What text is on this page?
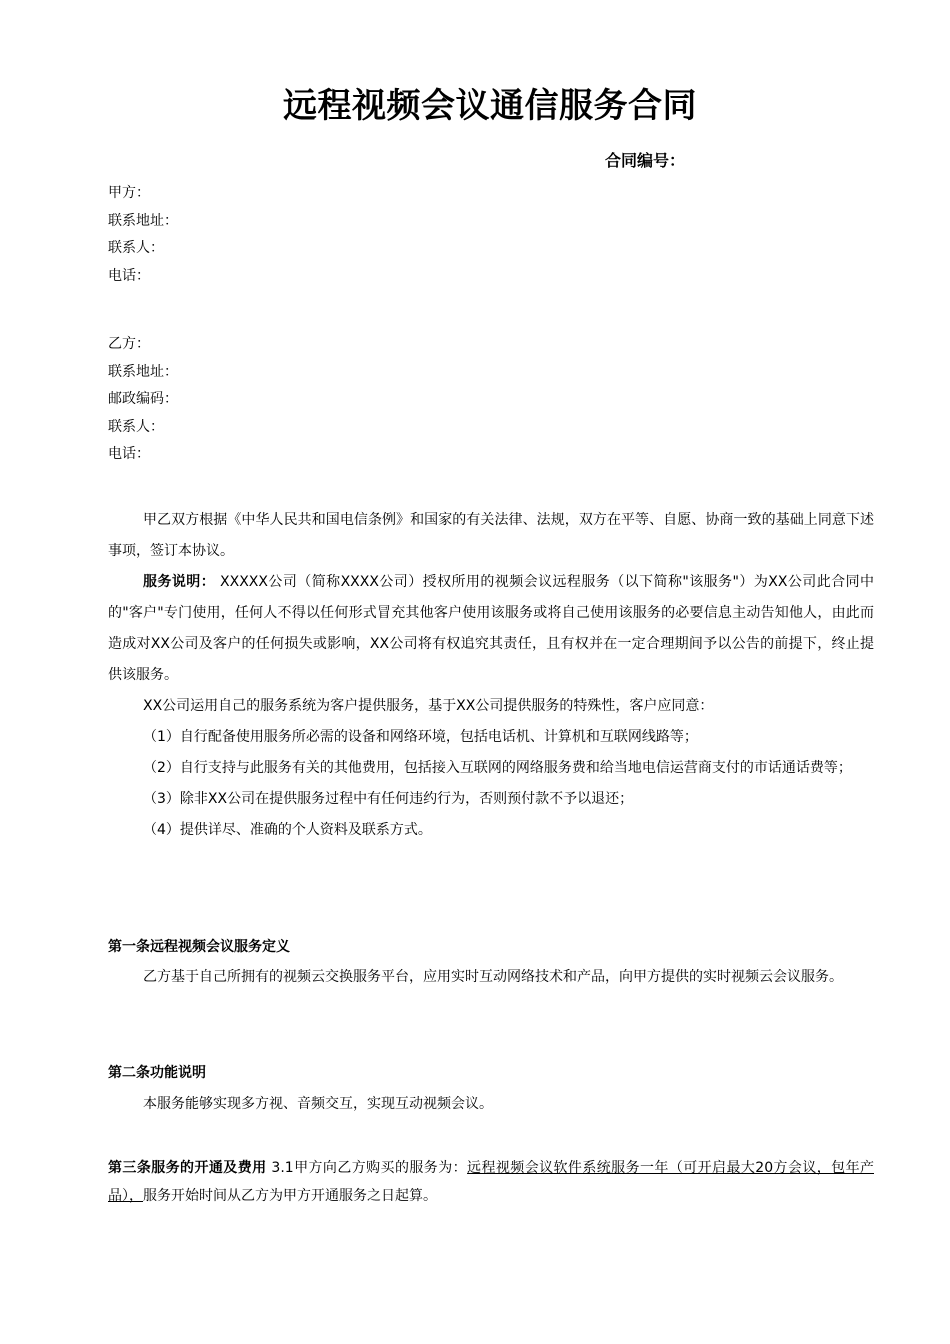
远程视频会议通信服务合同
合同编号：
甲方：
联系地址：
联系人：
电话：
乙方：
联系地址：
邮政编码：
联系人：
电话：

甲乙双方根据《中华人民共和国电信条例》和国家的有关法律、法规，双方在平等、自愿、协商一致的基础上同意下述事项，签订本协议。

服务说明： XXXXX公司（简称XXXX公司）授权所用的视频会议远程服务（以下简称"该服务"）为XX公司此合同中的"客户"专门使用，任何人不得以任何形式冒充其他客户使用该服务或将自己使用该服务的必要信息主动告知他人，由此而造成对XX公司及客户的任何损失或影响，XX公司将有权追究其责任，且有权并在一定合理期间予以公告的前提下，终止提供该服务。

XX公司运用自己的服务系统为客户提供服务，基于XX公司提供服务的特殊性，客户应同意：

（1）自行配备使用服务所必需的设备和网络环境，包括电话机、计算机和互联网线路等；

（2）自行支持与此服务有关的其他费用，包括接入互联网的网络服务费和给当地电信运营商支付的市话通话费等；

（3）除非XX公司在提供服务过程中有任何违约行为，否则预付款不予以退还；

（4）提供详尽、准确的个人资料及联系方式。

第一条远程视频会议服务定义

乙方基于自己所拥有的视频云交换服务平台，应用实时互动网络技术和产品，向甲方提供的实时视频云会议服务。

第二条功能说明

本服务能够实现多方视、音频交互，实现互动视频会议。

第三条服务的开通及费用 3.1甲方向乙方购买的服务为：远程视频会议软件系统服务一年（可开启最大20方会议，包年产品），服务开始时间从乙方为甲方开通服务之日起算。
